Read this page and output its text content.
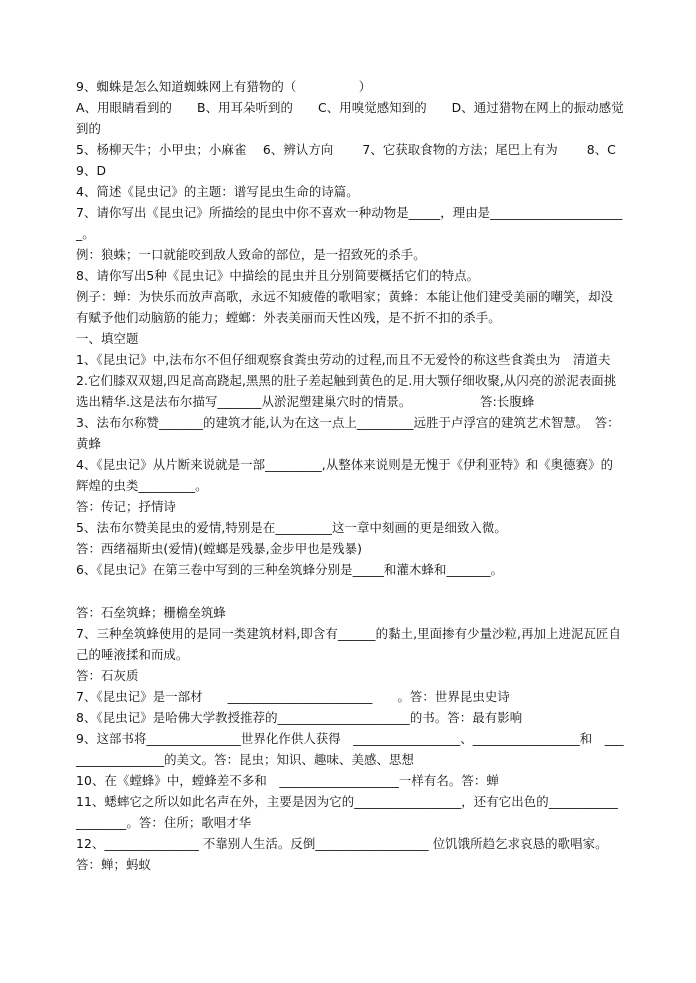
9、蜘蛛是怎么知道蜘蛛网上有猎物的（　　　　　）

A、用眼睛看到的　　B、用耳朵听到的　　C、用嗅觉感知到的　　D、通过猎物在网上的振动感觉到的

5、杨柳天牛；小甲虫；小麻雀　 6、辨认方向　　 7、它获取食物的方法；尾巴上有为　　 8、C　　 9、D

4、简述《昆虫记》的主题：谱写昆虫生命的诗篇。

7、请你写出《昆虫记》所描绘的昆虫中你不喜欢一种动物是_____，理由是______________________。

例：狼蛛；一口就能咬到敌人致命的部位，是一招致死的杀手。

8、请你写出5种《昆虫记》中描绘的昆虫并且分别简要概括它们的特点。

例子：蝉：为快乐而放声高歌，永远不知疲倦的歌唱家；黄蜂：本能让他们建受美丽的嘲笑，却没有赋予他们动脑筋的能力；螳螂：外表美丽而天性凶残，是不折不扣的杀手。

一、填空题

1、《昆虫记》中,法布尔不但仔细观察食粪虫劳动的过程,而且不无爱怜的称这些食粪虫为　清道夫

2.它们膝双双翅,四足高高跷起,黑黑的肚子差起触到黄色的足.用大颚仔细收聚,从闪亮的淤泥表面挑选出精华.这是法布尔描写_______从淤泥塑建巢穴时的情景。　　　　　　答:长腹蜂

3、法布尔称赞_______的建筑才能,认为在这一点上_________远胜于卢浮宫的建筑艺术智慧。　答：黄蜂

4、《昆虫记》从片断来说就是一部_________,从整体来说则是无愧于《伊利亚特》和《奥德赛》的辉煌的虫类_________。

答：传记；抒情诗

5、法布尔赞美昆虫的爱情,特别是在_________这一章中刻画的更是细致入微。

答：西绪福斯虫(爱情)(螳螂是残暴,金步甲也是残暴)

6、《昆虫记》在第三卷中写到的三种垒筑蜂分别是_____和灌木蜂和_______。

答：石垒筑蜂；栅檐垒筑蜂

7、三种垒筑蜂使用的是同一类建筑材料,即含有______的黏土,里面掺有少量沙粒,再加上进泥瓦匠自己的唾液揉和而成。

答：石灰质

7、《昆虫记》是一部材　　_______________________　　。答：世界昆虫史诗

8、《昆虫记》是哈佛大学教授推荐的_____________________的书。答：最有影响

9、这部书将_______________世界化作供人获得　_________________、_________________和　_________________的美文。答：昆虫；知识、趣味、美感、思想

10、在《螳蜂》中，螳蜂差不多和　___________________一样有名。答：蝉

11、蟋蟀它之所以如此名声在外，主要是因为它的_________________，还有它出色的___________________。答：住所；歌唱才华

12、_______________ 不靠别人生活。反倒__________________ 位饥饿所趋乞求哀恳的歌唱家。答：蝉；蚂蚁
